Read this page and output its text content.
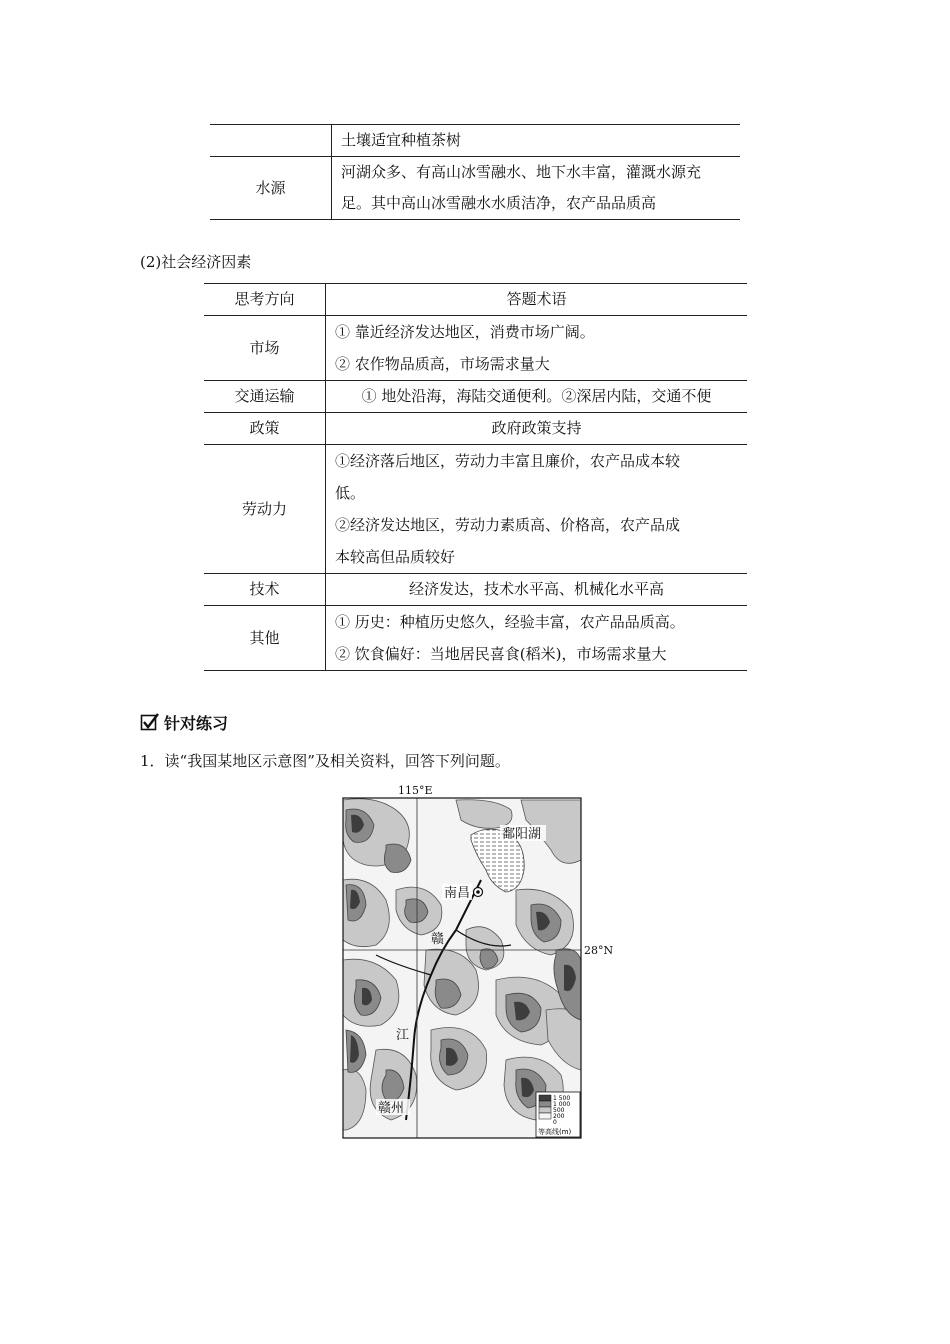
	土壤适宜种植茶树
水源	河湖众多、有高山冰雪融水、地下水丰富，灌溉水源充
足。其中高山冰雪融水水质洁净，农产品品质高
(2)社会经济因素
思考方向	答题术语
市场	① 靠近经济发达地区，消费市场广阔。
② 农作物品质高，市场需求量大

交通运输	① 地处沿海，海陆交通便利。②深居内陆，交通不便
政策	政府政策支持
劳动力	①经济落后地区，劳动力丰富且廉价，农产品成本较
低。
②经济发达地区，劳动力素质高、价格高，农产品成
本较高但品质较好

技术	经济发达，技术水平高、机械化水平高
其他	① 历史：种植历史悠久，经验丰富，农产品品质高。
② 饮食偏好：当地居民喜食(稻米)，市场需求量大
针对练习
1．读“我国某地区示意图”及相关资料，回答下列问题。
115°E
28°N
鄱阳湖
南昌
赣
江
赣州
1 500
1 000
500
200
0
等高线(m)
